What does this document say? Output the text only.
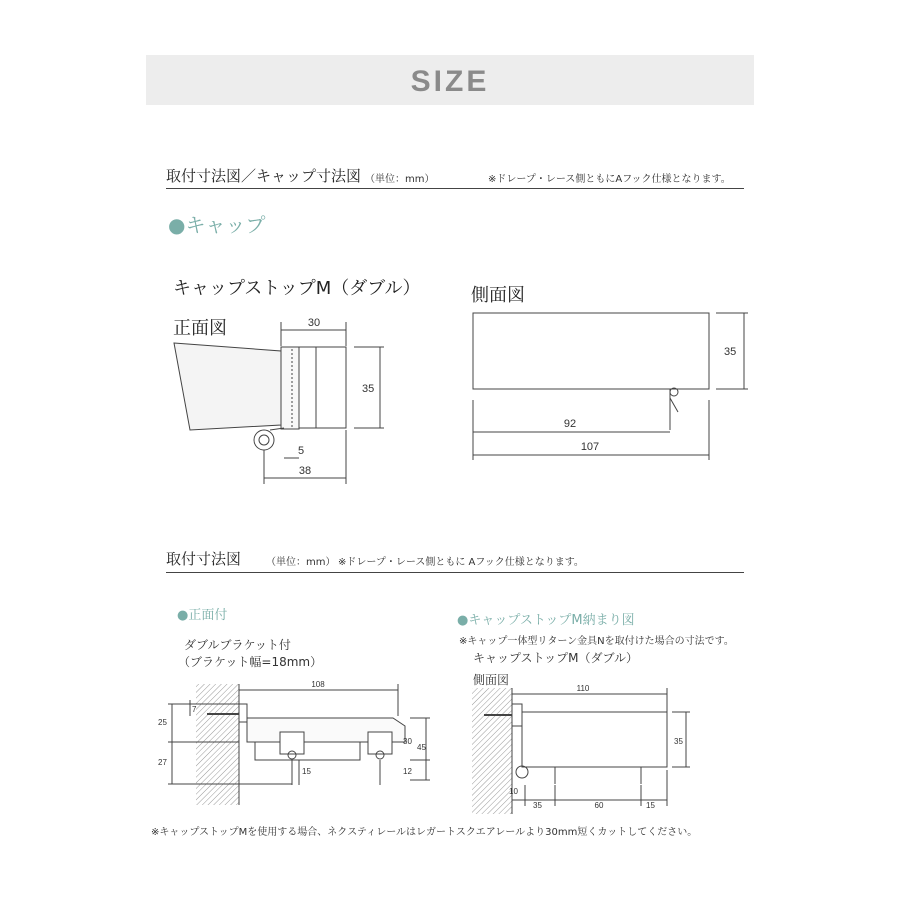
SIZE
取付寸法図／キャップ寸法図 （単位：mm）	※ドレープ・レース側ともにAフック仕様となります。
●キャップ
キャップストップM（ダブル）
正面図
側面図
取付寸法図 （単位：mm） ※ドレープ・レース側ともに Aフック仕様となります。
●正面付
ダブルブラケット付
（ブラケット幅=18mm）
●キャップストップM納まり図
※キャップ一体型リターン金具Nを取付けた場合の寸法です。
キャップストップM（ダブル）
側面図
※キャップストップMを使用する場合、ネクスティレールはレガートスクエアレールより30mm短くカットしてください。
30
35
5
38
35
92
107
108
7
25
27
30
45
12
15
110
35
10
35	60	15
